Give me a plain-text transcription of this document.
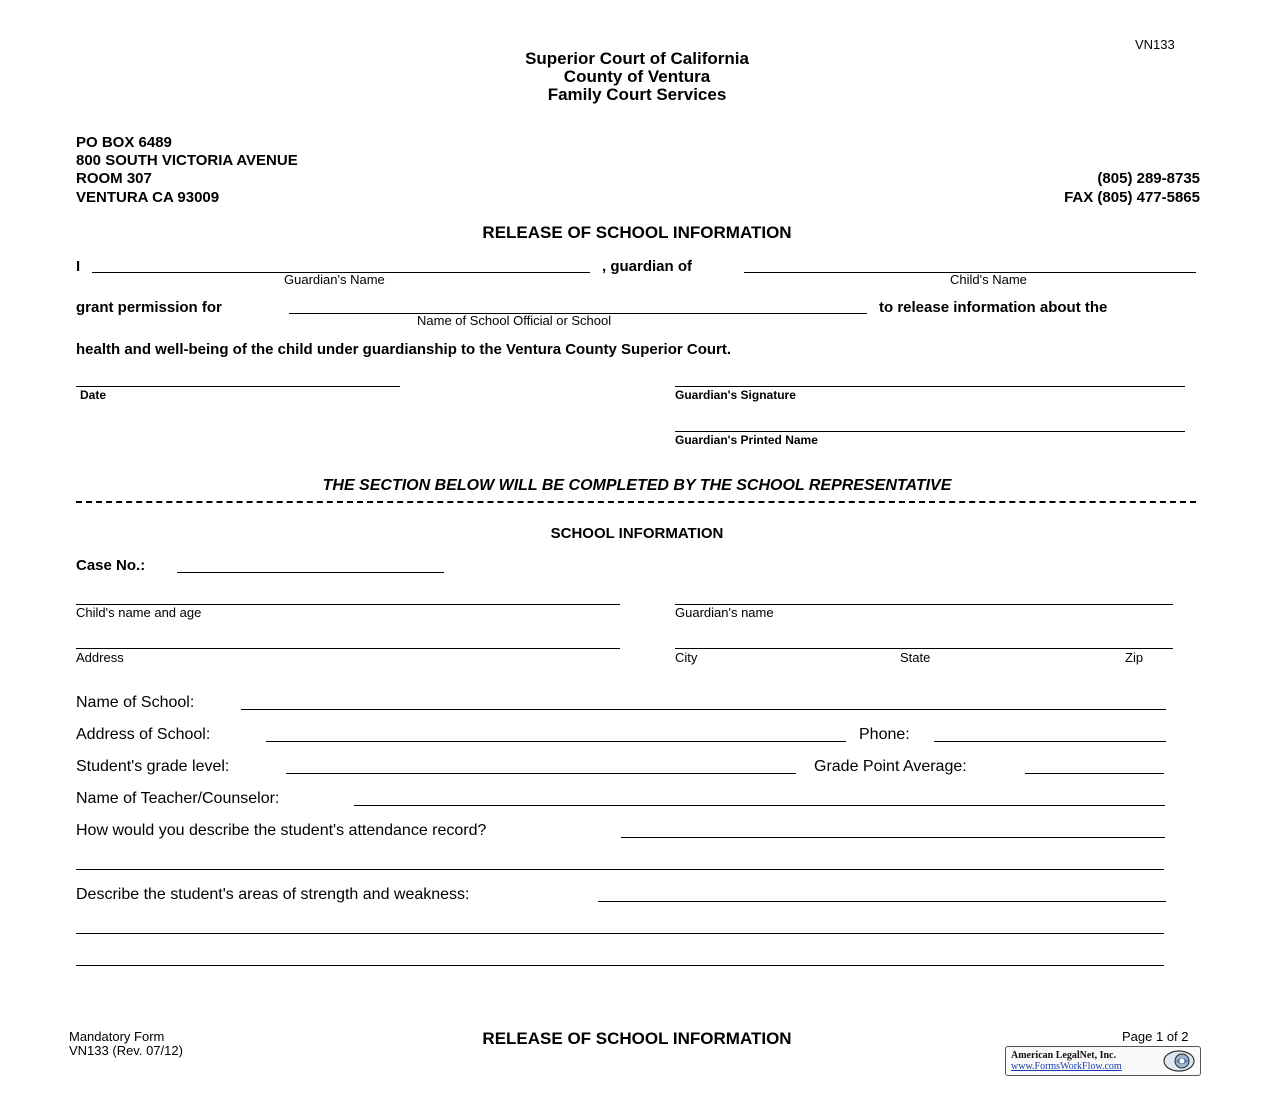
VN133
Superior Court of California
County of Ventura
Family Court Services
PO BOX 6489
800 SOUTH VICTORIA AVENUE
ROOM 307
VENTURA CA 93009
(805) 289-8735
FAX (805) 477-5865
RELEASE OF SCHOOL INFORMATION
I	, guardian of
Guardian's Name	Child's Name
grant permission for	to release information about the
Name of School Official or School
health and well-being of the child under guardianship to the Ventura County Superior Court.
Date	Guardian's Signature
Guardian's Printed Name
THE SECTION BELOW WILL BE COMPLETED BY THE SCHOOL REPRESENTATIVE
SCHOOL INFORMATION
Case No.:
Child's name and age	Guardian's name
Address	City	State	Zip
Name of School:
Address of School:	Phone:
Student's grade level:	Grade Point Average:
Name of Teacher/Counselor:
How would you describe the student's attendance record?
Describe the student's areas of strength and weakness:
Mandatory Form
VN133 (Rev. 07/12)
RELEASE OF SCHOOL INFORMATION	Page 1 of 2
American LegalNet, Inc.
www.FormsWorkFlow.com
